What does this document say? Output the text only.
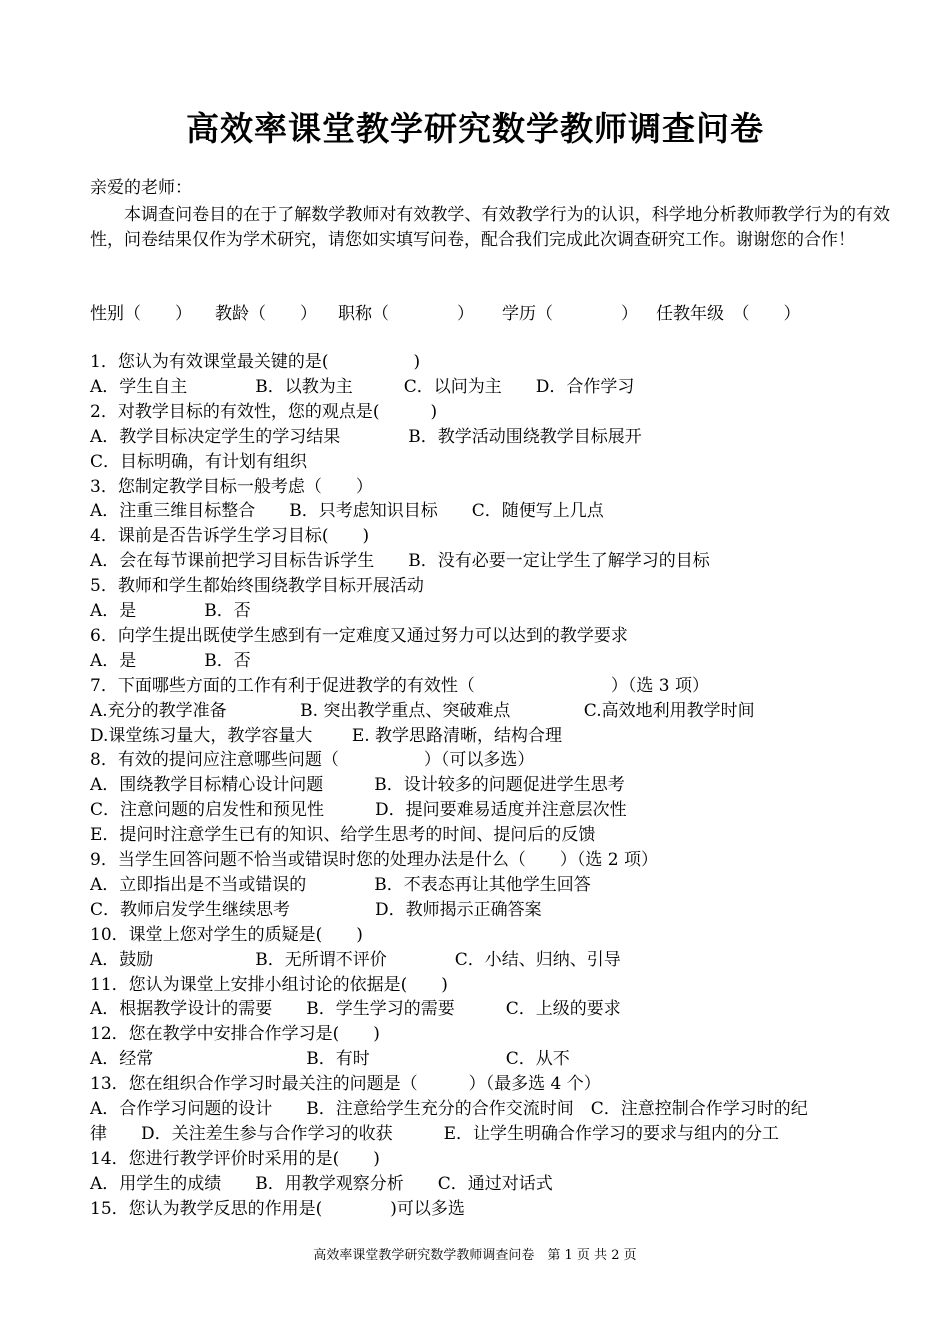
高效率课堂教学研究数学教师调查问卷
亲爱的老师：
本调查问卷目的在于了解数学教师对有效教学、有效教学行为的认识，科学地分析教师教学行为的有效性，问卷结果仅作为学术研究，请您如实填写问卷，配合我们完成此次调查研究工作。谢谢您的合作！
性别（　　） 教龄（　　） 职称（　　　　） 学历（　　　　） 任教年级　（　　）
1．您认为有效课堂最关键的是(　　　　　)
A．学生自主　　　　B．以教为主　　　C．以问为主　　D．合作学习
2．对教学目标的有效性，您的观点是(　　　)
A．教学目标决定学生的学习结果　　　　B．教学活动围绕教学目标展开
C．目标明确，有计划有组织
3．您制定教学目标一般考虑（　　）
A．注重三维目标整合　　B．只考虑知识目标　　C．随便写上几点
4．课前是否告诉学生学习目标(　　)
A．会在每节课前把学习目标告诉学生　　B．没有必要一定让学生了解学习的目标
5．教师和学生都始终围绕教学目标开展活动
A．是　　　　B．否
6．向学生提出既使学生感到有一定难度又通过努力可以达到的教学要求
A．是　　　　B．否
7．下面哪些方面的工作有利于促进教学的有效性（　　　　　　　　）（选 3 项）
A.充分的教学准备　　　　 B. 突出教学重点、突破难点　　　　 C.高效地利用教学时间
D.课堂练习量大，教学容量大　　 E. 教学思路清晰，结构合理
8．有效的提问应注意哪些问题（　　　　　）（可以多选）
A．围绕教学目标精心设计问题　　　B．设计较多的问题促进学生思考
C．注意问题的启发性和预见性　　　D．提问要难易适度并注意层次性
E．提问时注意学生已有的知识、给学生思考的时间、提问后的反馈
9．当学生回答问题不恰当或错误时您的处理办法是什么（　　）（选 2 项）
A．立即指出是不当或错误的　　　　B．不表态再让其他学生回答
C．教师启发学生继续思考　　　　　D．教师揭示正确答案
10．课堂上您对学生的质疑是(　　)
A．鼓励　　　　　　B．无所谓不评价　　　　C．小结、归纳、引导
11．您认为课堂上安排小组讨论的依据是(　　)
A．根据教学设计的需要　　B．学生学习的需要　　　C．上级的要求
12．您在教学中安排合作学习是(　　)
A．经常　　　　　　　　　B．有时　　　　　　　　C．从不
13．您在组织合作学习时最关注的问题是（　　　）（最多选 4 个）
A．合作学习问题的设计　　B．注意给学生充分的合作交流时间　C．注意控制合作学习时的纪
律　　D．关注差生参与合作学习的收获　　　E．让学生明确合作学习的要求与组内的分工
14．您进行教学评价时采用的是(　　)
A．用学生的成绩　　B．用教学观察分析　　C．通过对话式
15．您认为教学反思的作用是(　　　　)可以多选
高效率课堂教学研究数学教师调查问卷　第 1 页 共 2 页
